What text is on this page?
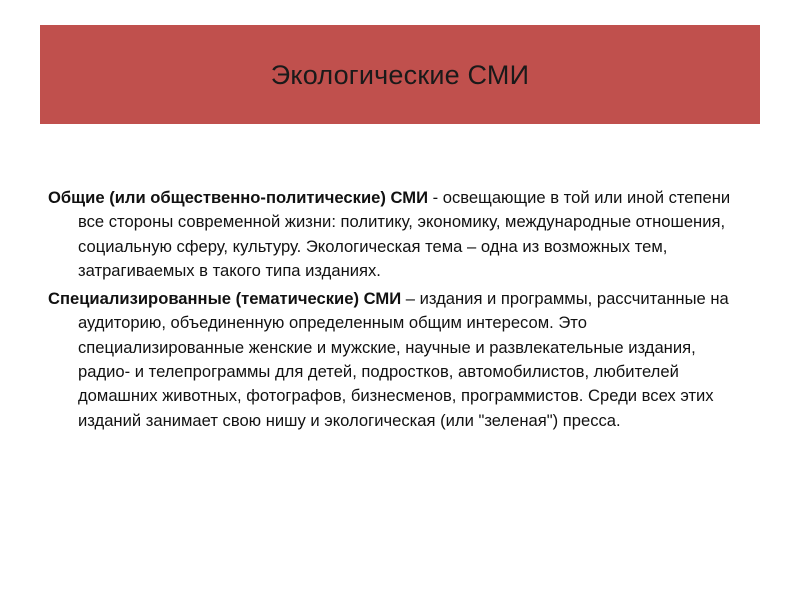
Экологические СМИ

Общие (или общественно-политические) СМИ - освещающие в той или иной степени все стороны современной жизни: политику, экономику, международные отношения, социальную сферу, культуру. Экологическая тема – одна из возможных тем, затрагиваемых в такого типа изданиях.

Специализированные (тематические) СМИ – издания и программы, рассчитанные на аудиторию, объединенную определенным общим интересом. Это специализированные женские и мужские, научные и развлекательные издания, радио- и телепрограммы для детей, подростков, автомобилистов, любителей домашних животных, фотографов, бизнесменов, программистов. Среди всех этих изданий занимает свою нишу и экологическая (или "зеленая") пресса.
